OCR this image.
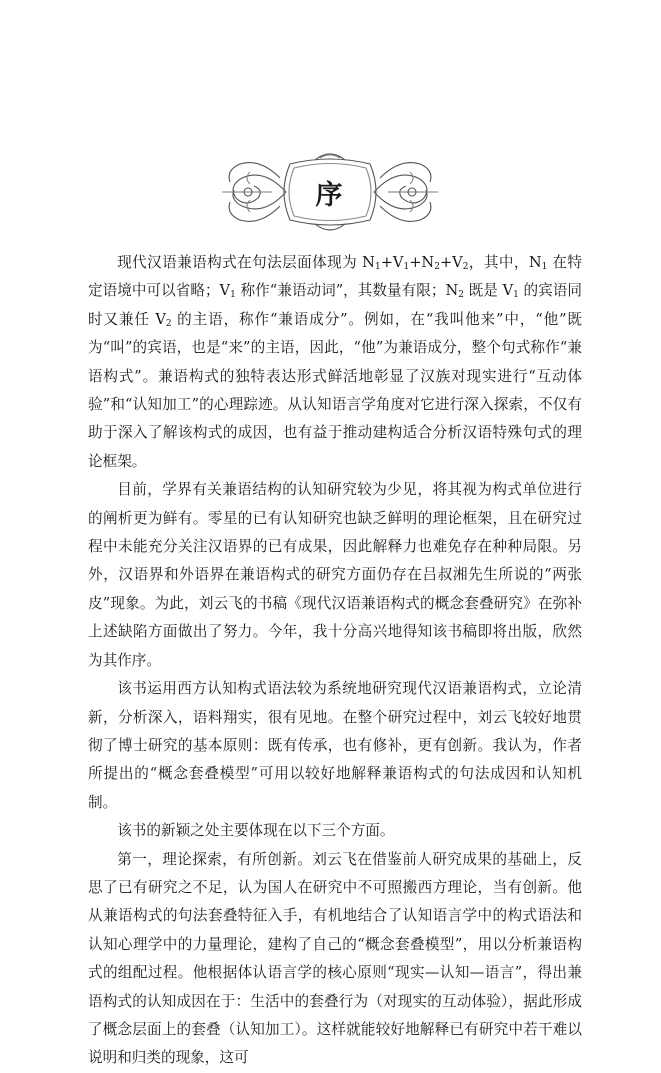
序

现代汉语兼语构式在句法层面体现为 $N_1+V_1+N_2+V_2$，其中，$N_1$ 在特定语境中可以省略；$V_1$ 称作“兼语动词”，其数量有限；$N_2$ 既是 $V_1$ 的宾语同时又兼任 $V_2$ 的主语，称作“兼语成分”。例如，在“我叫他来”中，“他”既为“叫”的宾语，也是“来”的主语，因此，“他”为兼语成分，整个句式称作“兼语构式”。兼语构式的独特表达形式鲜活地彰显了汉族对现实进行“互动体验”和“认知加工”的心理踪迹。从认知语言学角度对它进行深入探索，不仅有助于深入了解该构式的成因，也有益于推动建构适合分析汉语特殊句式的理论框架。

目前，学界有关兼语结构的认知研究较为少见，将其视为构式单位进行的阐析更为鲜有。零星的已有认知研究也缺乏鲜明的理论框架，且在研究过程中未能充分关注汉语界的已有成果，因此解释力也难免存在种种局限。另外，汉语界和外语界在兼语构式的研究方面仍存在吕叔湘先生所说的“两张皮”现象。为此，刘云飞的书稿《现代汉语兼语构式的概念套叠研究》在弥补上述缺陷方面做出了努力。今年，我十分高兴地得知该书稿即将出版，欣然为其作序。

该书运用西方认知构式语法较为系统地研究现代汉语兼语构式，立论清新，分析深入，语料翔实，很有见地。在整个研究过程中，刘云飞较好地贯彻了博士研究的基本原则：既有传承，也有修补，更有创新。我认为，作者所提出的“概念套叠模型”可用以较好地解释兼语构式的句法成因和认知机制。

该书的新颖之处主要体现在以下三个方面。

第一，理论探索，有所创新。刘云飞在借鉴前人研究成果的基础上，反思了已有研究之不足，认为国人在研究中不可照搬西方理论，当有创新。他从兼语构式的句法套叠特征入手，有机地结合了认知语言学中的构式语法和认知心理学中的力量理论，建构了自己的“概念套叠模型”，用以分析兼语构式的组配过程。他根据体认语言学的核心原则“现实—认知—语言”，得出兼语构式的认知成因在于：生活中的套叠行为（对现实的互动体验），据此形成了概念层面上的套叠（认知加工）。这样就能较好地解释已有研究中若干难以说明和归类的现象，这可
